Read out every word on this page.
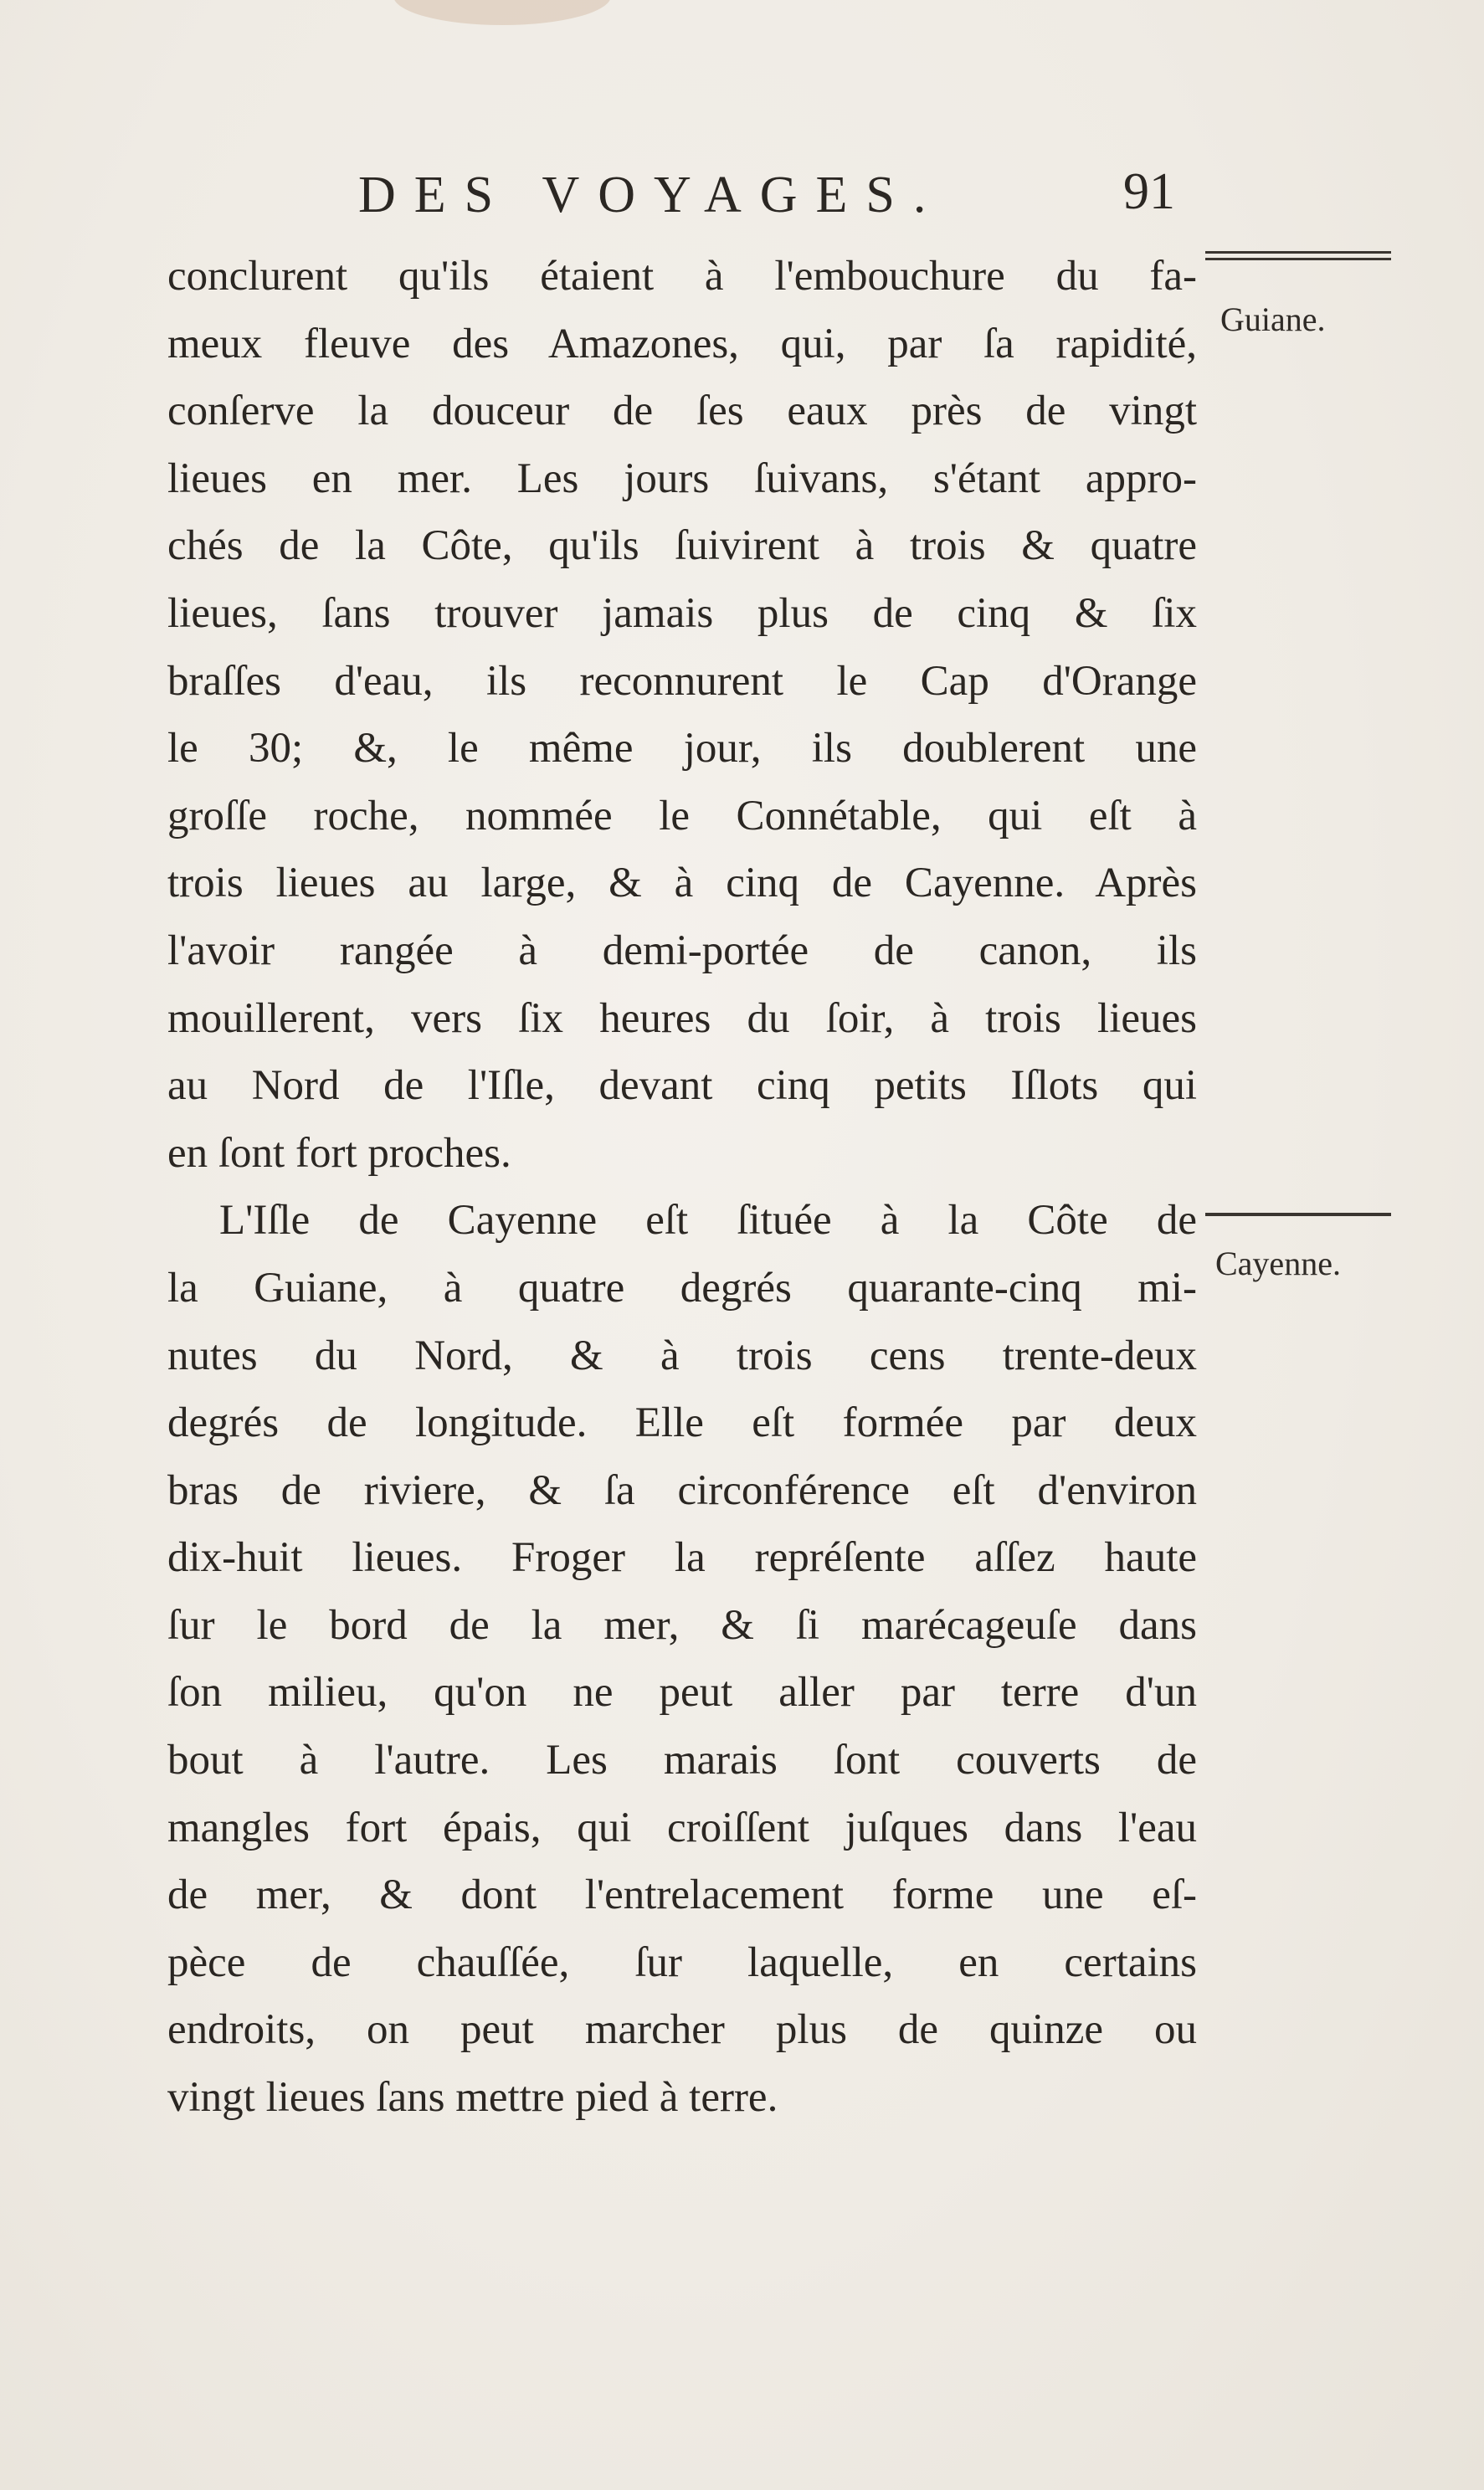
DES VOYAGES.	91
Guiane.
Cayenne.
conclurent qu'ils étaient à l'embouchure du fa-
meux fleuve des Amazones, qui, par ſa rapidité,
conſerve la douceur de ſes eaux près de vingt
lieues en mer. Les jours ſuivans, s'étant appro-
chés de la Côte, qu'ils ſuivirent à trois & quatre
lieues, ſans trouver jamais plus de cinq & ſix
braſſes d'eau, ils reconnurent le Cap d'Orange
le 30; &, le même jour, ils doublerent une
groſſe roche, nommée le Connétable, qui eſt à
trois lieues au large, & à cinq de Cayenne. Après
l'avoir rangée à demi-portée de canon, ils
mouillerent, vers ſix heures du ſoir, à trois lieues
au Nord de l'Iſle, devant cinq petits Iſlots qui
en ſont fort proches.
L'Iſle de Cayenne eſt ſituée à la Côte de
la Guiane, à quatre degrés quarante-cinq mi-
nutes du Nord, & à trois cens trente-deux
degrés de longitude. Elle eſt formée par deux
bras de riviere, & ſa circonférence eſt d'environ
dix-huit lieues. Froger la repréſente aſſez haute
ſur le bord de la mer, & ſi marécageuſe dans
ſon milieu, qu'on ne peut aller par terre d'un
bout à l'autre. Les marais ſont couverts de
mangles fort épais, qui croiſſent juſques dans l'eau
de mer, & dont l'entrelacement forme une eſ-
pèce de chauſſée, ſur laquelle, en certains
endroits, on peut marcher plus de quinze ou
vingt lieues ſans mettre pied à terre.
